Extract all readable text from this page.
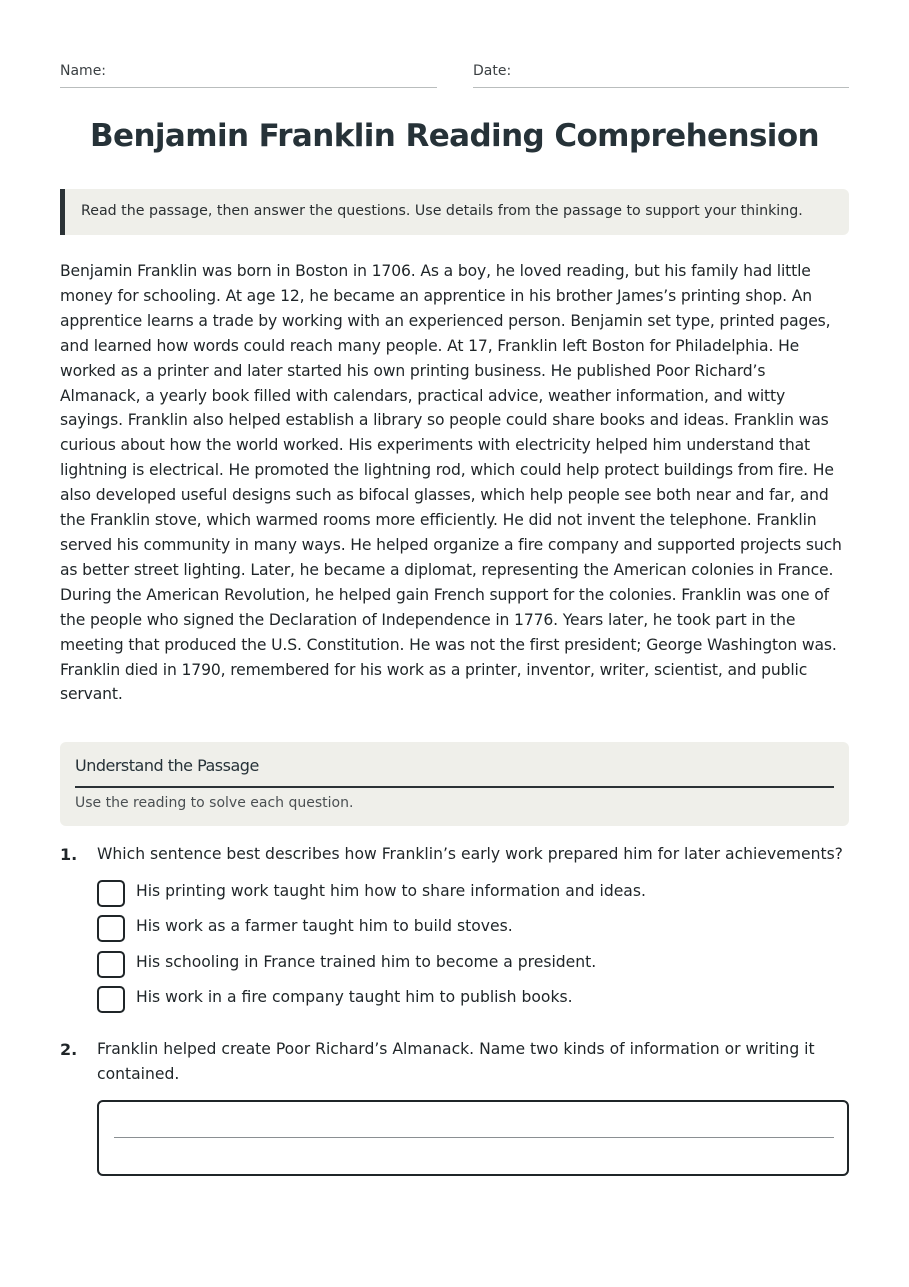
Name:	Date:
Benjamin Franklin Reading Comprehension
Read the passage, then answer the questions. Use details from the passage to support your thinking.

Benjamin Franklin was born in Boston in 1706. As a boy, he loved reading, but his family had little money for schooling. At age 12, he became an apprentice in his brother James’s printing shop. An apprentice learns a trade by working with an experienced person. Benjamin set type, printed pages, and learned how words could reach many people. At 17, Franklin left Boston for Philadelphia. He worked as a printer and later started his own printing business. He published Poor Richard’s Almanack, a yearly book filled with calendars, practical advice, weather information, and witty sayings. Franklin also helped establish a library so people could share books and ideas. Franklin was curious about how the world worked. His experiments with electricity helped him understand that lightning is electrical. He promoted the lightning rod, which could help protect buildings from fire. He also developed useful designs such as bifocal glasses, which help people see both near and far, and the Franklin stove, which warmed rooms more efficiently. He did not invent the telephone. Franklin served his community in many ways. He helped organize a fire company and supported projects such as better street lighting. Later, he became a diplomat, representing the American colonies in France. During the American Revolution, he helped gain French support for the colonies. Franklin was one of the people who signed the Declaration of Independence in 1776. Years later, he took part in the meeting that produced the U.S. Constitution. He was not the first president; George Washington was. Franklin died in 1790, remembered for his work as a printer, inventor, writer, scientist, and public servant.

Understand the Passage
Use the reading to solve each question.
1. Which sentence best describes how Franklin’s early work prepared him for later achievements?
His printing work taught him how to share information and ideas.
His work as a farmer taught him to build stoves.
His schooling in France trained him to become a president.
His work in a fire company taught him to publish books.
2. Franklin helped create Poor Richard’s Almanack. Name two kinds of information or writing it contained.
